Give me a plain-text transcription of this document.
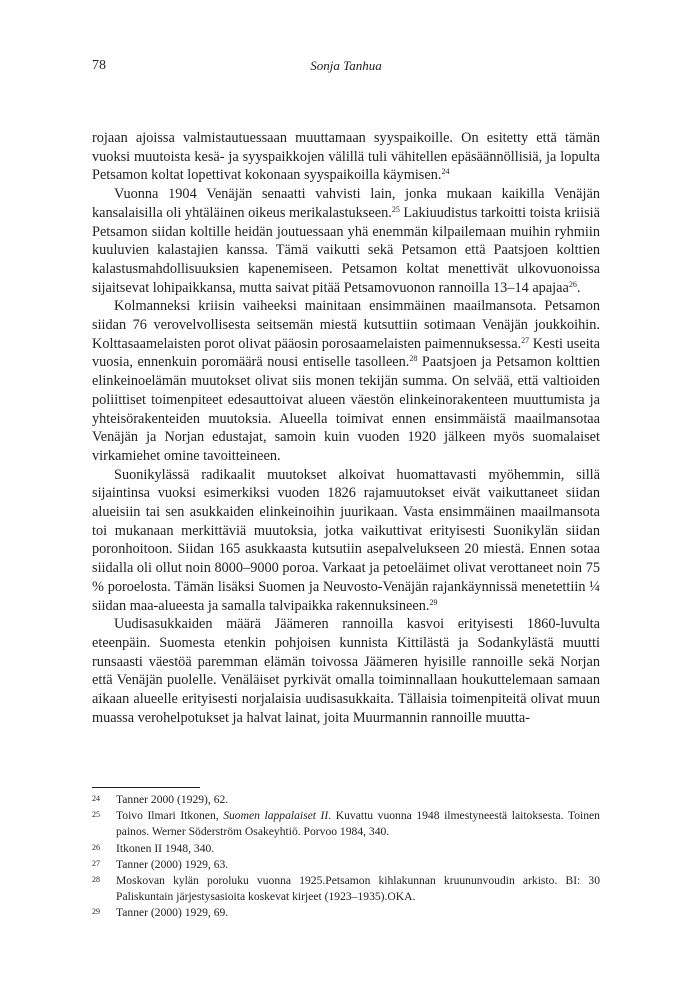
78	Sonja Tanhua

rojaan ajoissa valmistautuessaan muuttamaan syyspaikoille. On esitetty että tämän vuoksi muutoista kesä- ja syyspaikkojen välillä tuli vähitellen epäsäännöllisiä, ja lopulta Petsamon koltat lopettivat kokonaan syyspaikoilla käymisen.$^{24}$

Vuonna 1904 Venäjän senaatti vahvisti lain, jonka mukaan kaikilla Venäjän kansalaisilla oli yhtäläinen oikeus merikalastukseen.$^{25}$ Lakiuudistus tarkoitti toista kriisiä Petsamon siidan koltille heidän joutuessaan yhä enemmän kilpailemaan muihin ryhmiin kuuluvien kalastajien kanssa. Tämä vaikutti sekä Petsamon että Paatsjoen kolttien kalastusmahdollisuuksien kapenemiseen. Petsamon koltat menettivät ulkovuonoissa sijaitsevat lohipaikkansa, mutta saivat pitää Petsamovuonon rannoilla 13–14 apajaa$^{26}$.

Kolmanneksi kriisin vaiheeksi mainitaan ensimmäinen maailmansota. Petsamon siidan 76 verovelvollisesta seitsemän miestä kutsuttiin sotimaan Venäjän joukkoihin. Kolttasaamelaisten porot olivat pääosin porosaamelaisten paimennuksessa.$^{27}$ Kesti useita vuosia, ennenkuin poromäärä nousi entiselle tasolleen.$^{28}$ Paatsjoen ja Petsamon kolttien elinkeinoelämän muutokset olivat siis monen tekijän summa. On selvää, että valtioiden poliittiset toimenpiteet edesauttoivat alueen väestön elinkeinorakenteen muuttumista ja yhteisörakenteiden muutoksia. Alueella toimivat ennen ensimmäistä maailmansotaa Venäjän ja Norjan edustajat, samoin kuin vuoden 1920 jälkeen myös suomalaiset virkamiehet omine tavoitteineen.

Suonikylässä radikaalit muutokset alkoivat huomattavasti myöhemmin, sillä sijaintinsa vuoksi esimerkiksi vuoden 1826 rajamuutokset eivät vaikuttaneet siidan alueisiin tai sen asukkaiden elinkeinoihin juurikaan. Vasta ensimmäinen maailmansota toi mukanaan merkittäviä muutoksia, jotka vaikuttivat erityisesti Suonikylän siidan poronhoitoon. Siidan 165 asukkaasta kutsutiin asepalvelukseen 20 miestä. Ennen sotaa siidalla oli ollut noin 8000–9000 poroa. Varkaat ja petoeläimet olivat verottaneet noin 75 % poroelosta. Tämän lisäksi Suomen ja Neuvosto-Venäjän rajankäynnissä menetettiin ¼ siidan maa-alueesta ja samalla talvipaikka rakennuksineen.$^{29}$

Uudisasukkaiden määrä Jäämeren rannoilla kasvoi erityisesti 1860-luvulta eteenpäin. Suomesta etenkin pohjoisen kunnista Kittilästä ja Sodankylästä muutti runsaasti väestöä paremman elämän toivossa Jäämeren hyisille rannoille sekä Norjan että Venäjän puolelle. Venäläiset pyrkivät omalla toiminnallaan houkuttelemaan samaan aikaan alueelle erityisesti norjalaisia uudisasukkaita. Tällaisia toimenpiteitä olivat muun muassa verohelpotukset ja halvat lainat, joita Muurmannin rannoille muutta-

24	Tanner 2000 (1929), 62.
25	Toivo Ilmari Itkonen, Suomen lappalaiset II. Kuvattu vuonna 1948 ilmestyneestä laitoksesta. Toinen painos. Werner Söderström Osakeyhtiö. Porvoo 1984, 340.
26	Itkonen II 1948, 340.
27	Tanner (2000) 1929, 63.
28	Moskovan kylän poroluku vuonna 1925.Petsamon kihlakunnan kruununvoudin arkisto. BI: 30 Paliskuntain järjestysasioita koskevat kirjeet (1923–1935).OKA.
29	Tanner (2000) 1929, 69.
